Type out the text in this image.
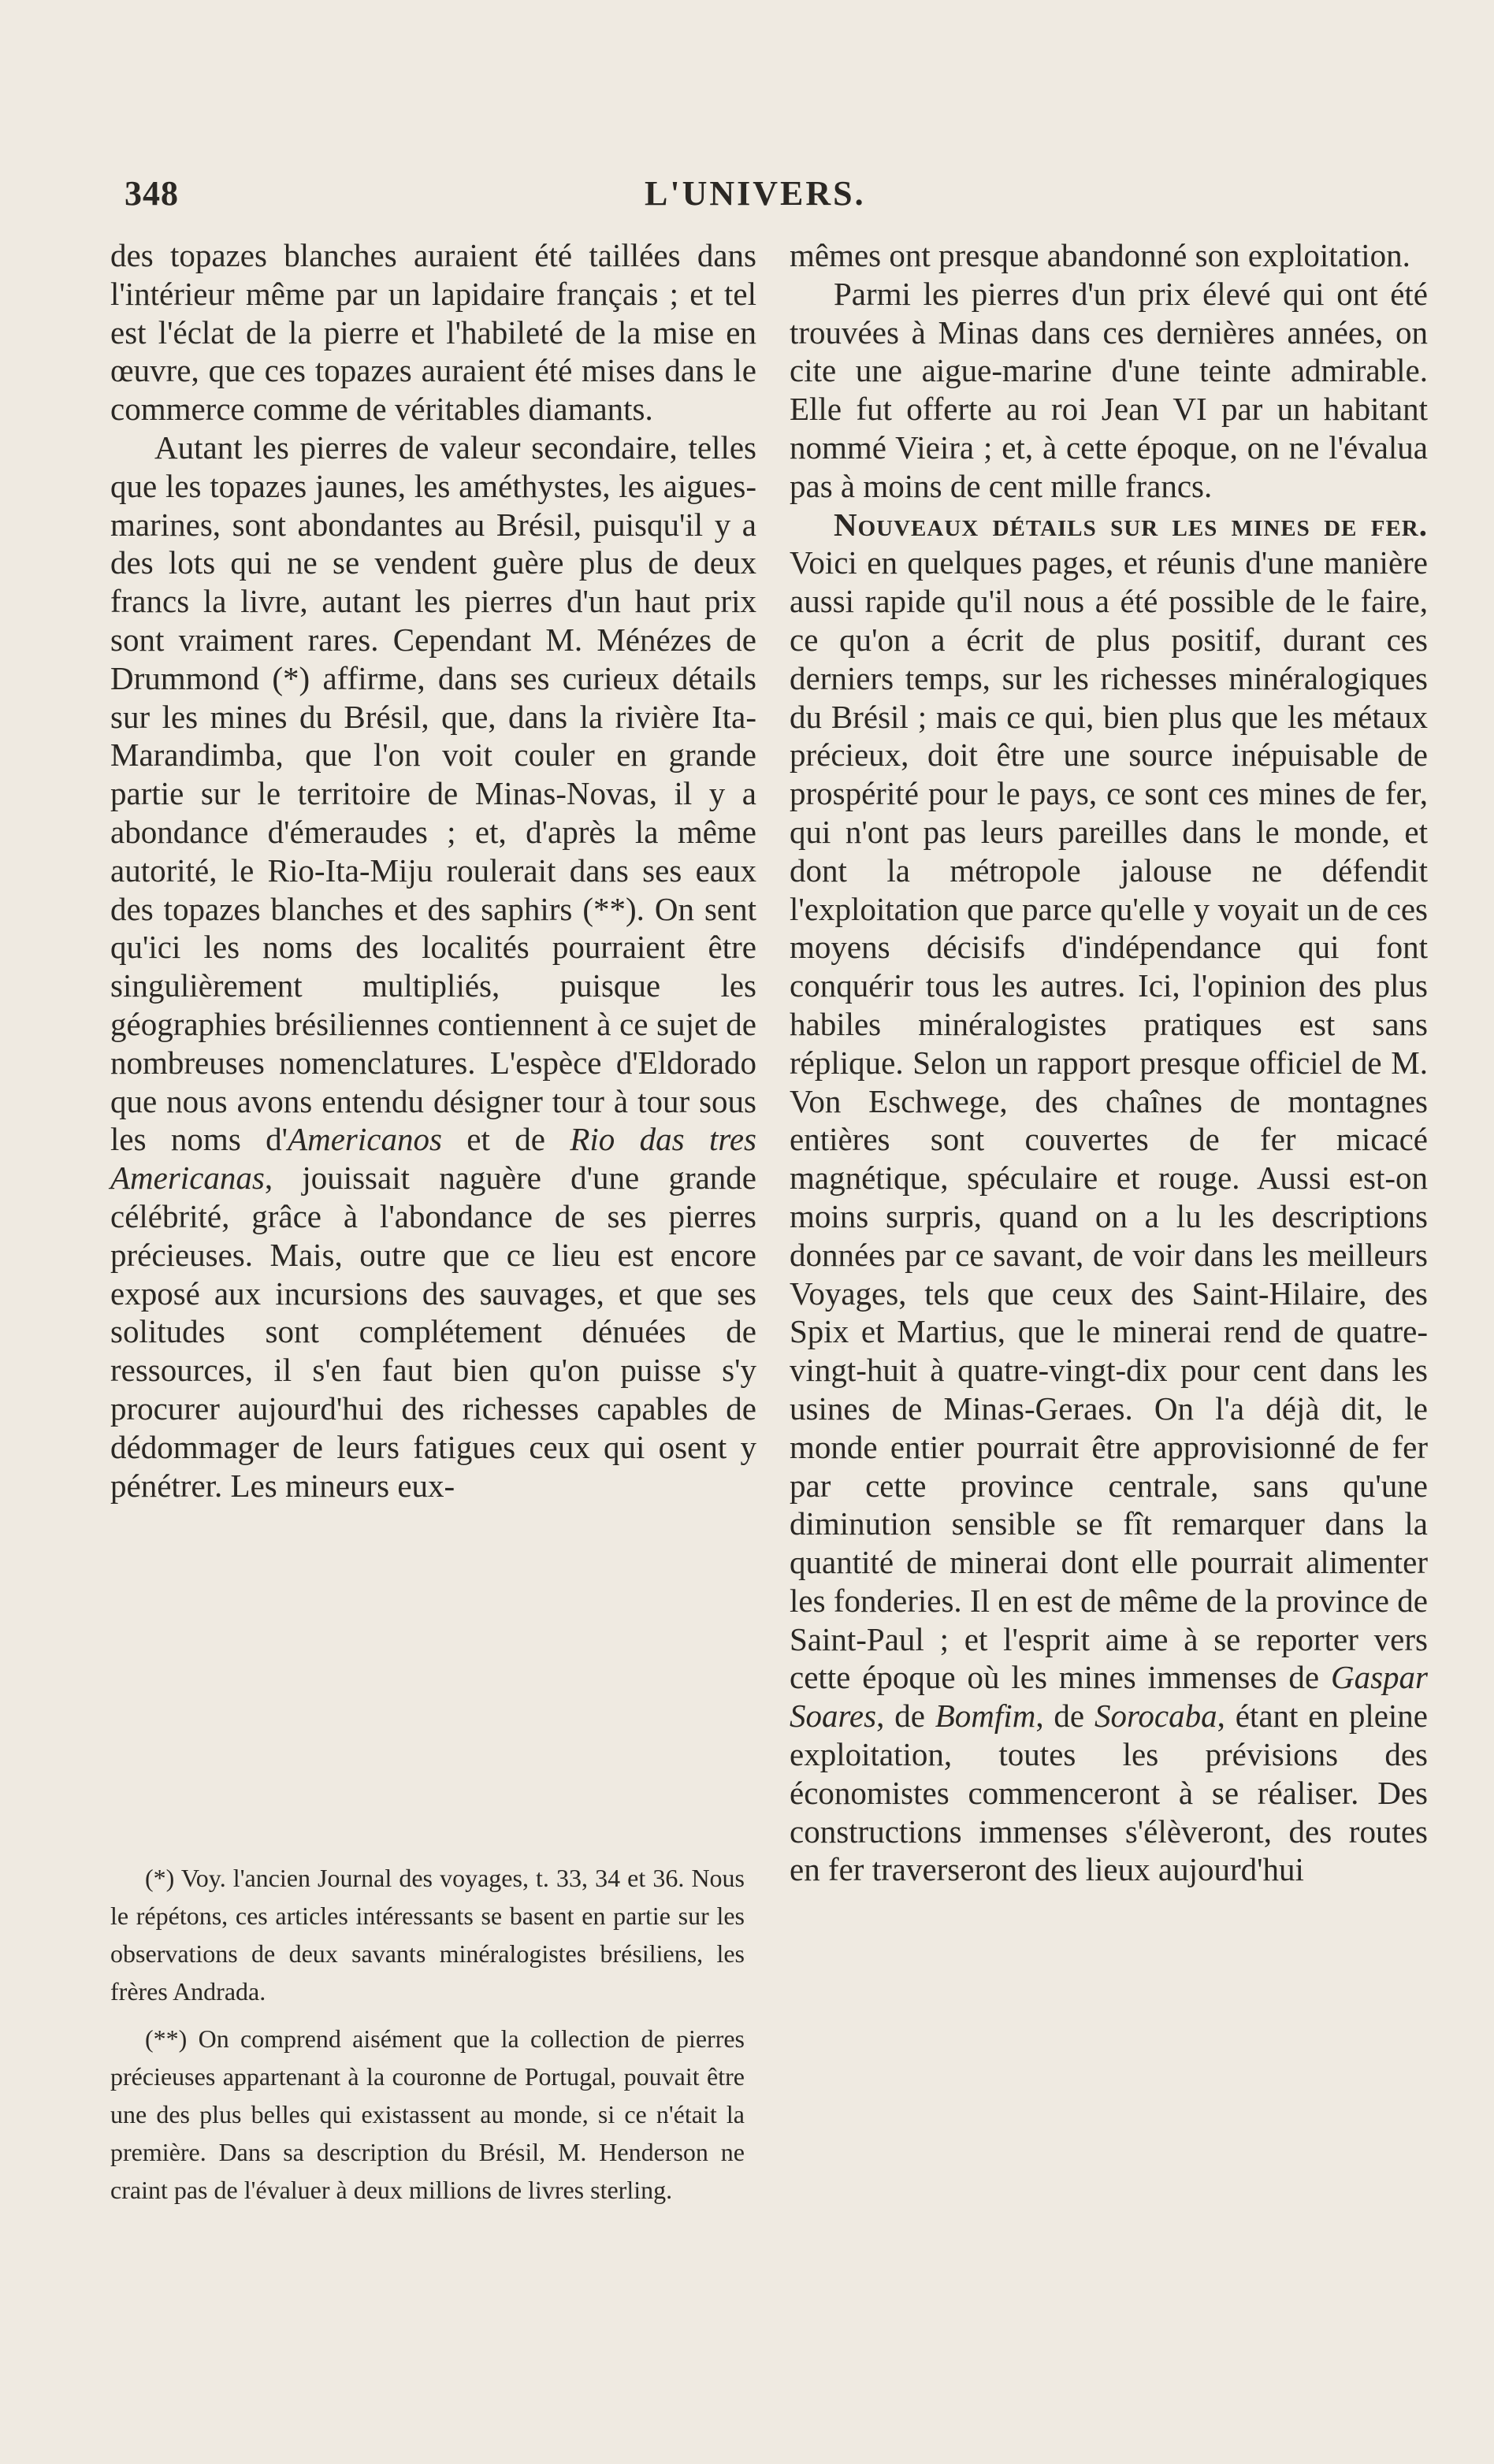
348	L'UNIVERS.

des topazes blanches auraient été taillées dans l'intérieur même par un lapidaire français ; et tel est l'éclat de la pierre et l'habileté de la mise en œuvre, que ces topazes auraient été mises dans le commerce comme de véritables diamants.

Autant les pierres de valeur secondaire, telles que les topazes jaunes, les améthystes, les aigues-marines, sont abondantes au Brésil, puisqu'il y a des lots qui ne se vendent guère plus de deux francs la livre, autant les pierres d'un haut prix sont vraiment rares. Cependant M. Ménézes de Drummond (*) affirme, dans ses curieux détails sur les mines du Brésil, que, dans la rivière Ita-Marandimba, que l'on voit couler en grande partie sur le territoire de Minas-Novas, il y a abondance d'émeraudes ; et, d'après la même autorité, le Rio-Ita-Miju roulerait dans ses eaux des topazes blanches et des saphirs (**). On sent qu'ici les noms des localités pourraient être singulièrement multipliés, puisque les géographies brésiliennes contiennent à ce sujet de nombreuses nomenclatures. L'espèce d'Eldorado que nous avons entendu désigner tour à tour sous les noms d'Americanos et de Rio das tres Americanas, jouissait naguère d'une grande célébrité, grâce à l'abondance de ses pierres précieuses. Mais, outre que ce lieu est encore exposé aux incursions des sauvages, et que ses solitudes sont complétement dénuées de ressources, il s'en faut bien qu'on puisse s'y procurer aujourd'hui des richesses capables de dédommager de leurs fatigues ceux qui osent y pénétrer. Les mineurs eux-

(*) Voy. l'ancien Journal des voyages, t. 33, 34 et 36. Nous le répétons, ces articles intéressants se basent en partie sur les observations de deux savants minéralogistes brésiliens, les frères Andrada.

(**) On comprend aisément que la collection de pierres précieuses appartenant à la couronne de Portugal, pouvait être une des plus belles qui existassent au monde, si ce n'était la première. Dans sa description du Brésil, M. Henderson ne craint pas de l'évaluer à deux millions de livres sterling.

mêmes ont presque abandonné son exploitation.

Parmi les pierres d'un prix élevé qui ont été trouvées à Minas dans ces dernières années, on cite une aigue-marine d'une teinte admirable. Elle fut offerte au roi Jean VI par un habitant nommé Vieira ; et, à cette époque, on ne l'évalua pas à moins de cent mille francs.

Nouveaux détails sur les mines de fer. Voici en quelques pages, et réunis d'une manière aussi rapide qu'il nous a été possible de le faire, ce qu'on a écrit de plus positif, durant ces derniers temps, sur les richesses minéralogiques du Brésil ; mais ce qui, bien plus que les métaux précieux, doit être une source inépuisable de prospérité pour le pays, ce sont ces mines de fer, qui n'ont pas leurs pareilles dans le monde, et dont la métropole jalouse ne défendit l'exploitation que parce qu'elle y voyait un de ces moyens décisifs d'indépendance qui font conquérir tous les autres. Ici, l'opinion des plus habiles minéralogistes pratiques est sans réplique. Selon un rapport presque officiel de M. Von Eschwege, des chaînes de montagnes entières sont couvertes de fer micacé magnétique, spéculaire et rouge. Aussi est-on moins surpris, quand on a lu les descriptions données par ce savant, de voir dans les meilleurs Voyages, tels que ceux des Saint-Hilaire, des Spix et Martius, que le minerai rend de quatre-vingt-huit à quatre-vingt-dix pour cent dans les usines de Minas-Geraes. On l'a déjà dit, le monde entier pourrait être approvisionné de fer par cette province centrale, sans qu'une diminution sensible se fît remarquer dans la quantité de minerai dont elle pourrait alimenter les fonderies. Il en est de même de la province de Saint-Paul ; et l'esprit aime à se reporter vers cette époque où les mines immenses de Gaspar Soares, de Bomfim, de Sorocaba, étant en pleine exploitation, toutes les prévisions des économistes commenceront à se réaliser. Des constructions immenses s'élèveront, des routes en fer traverseront des lieux aujourd'hui
